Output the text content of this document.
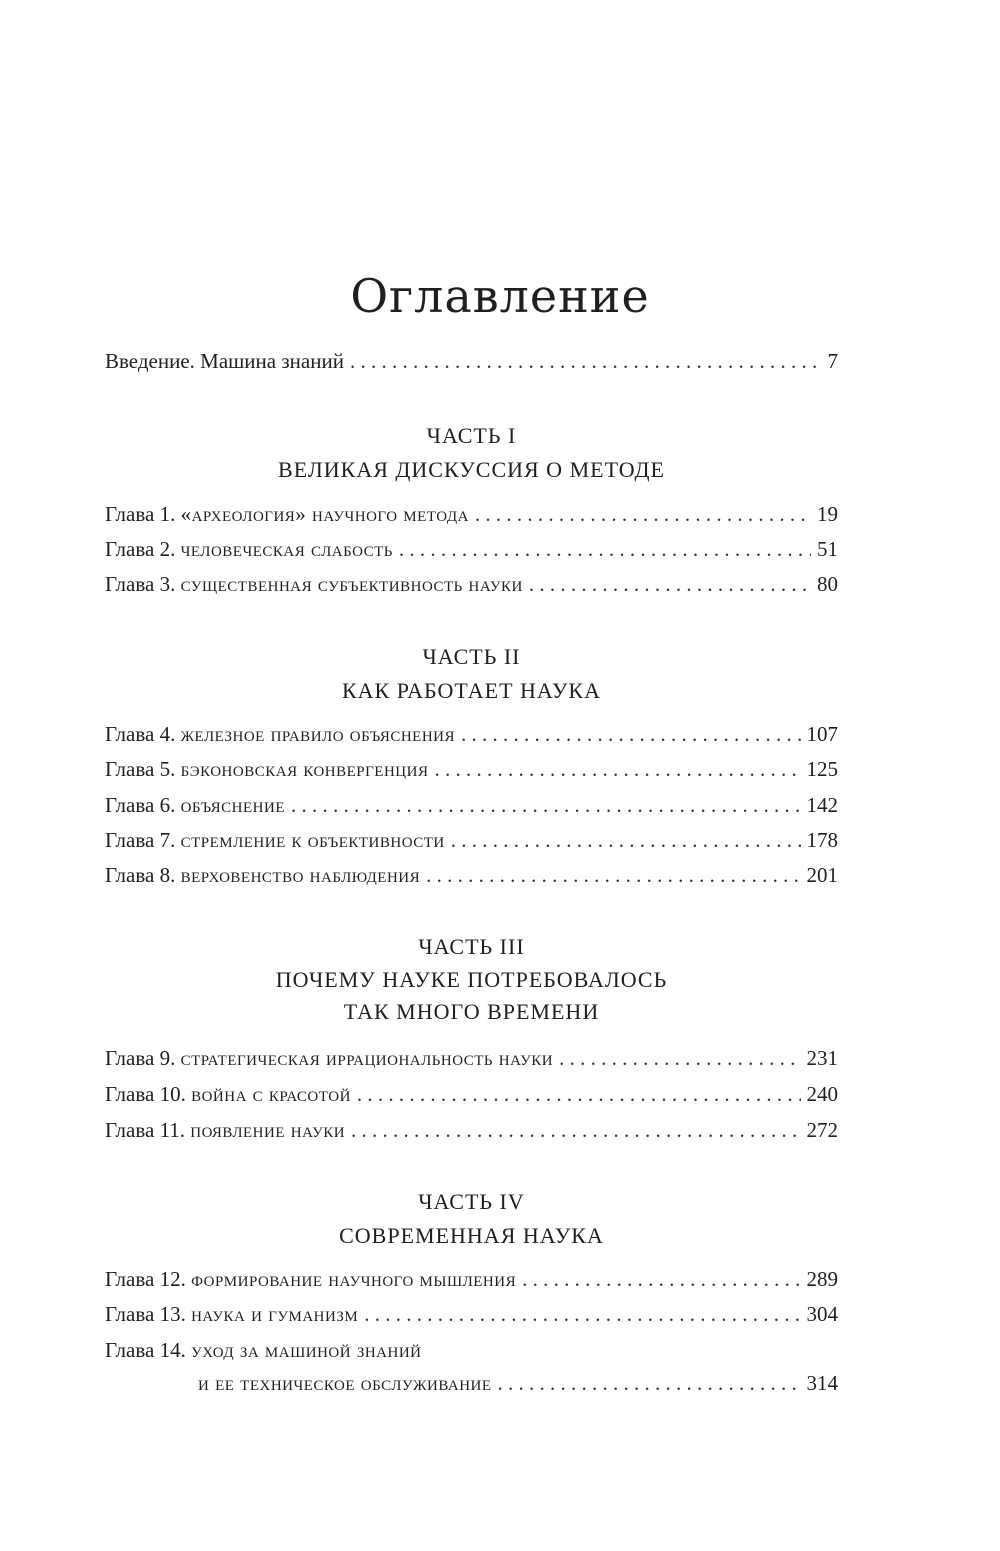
Оглавление
Введение. Машина знаний . . .	7
ЧАСТЬ I
ВЕЛИКАЯ ДИСКУССИЯ О МЕТОДЕ
Глава 1. «археология» научного метода . . .	19
Глава 2. человеческая слабость . . .	51
Глава 3. существенная субъективность науки . . .	80
ЧАСТЬ II
КАК РАБОТАЕТ НАУКА
Глава 4. железное правило объяснения . . .	107
Глава 5. бэконовская конвергенция . . .	125
Глава 6. объяснение . . .	142
Глава 7. стремление к объективности . . .	178
Глава 8. верховенство наблюдения . . .	201
ЧАСТЬ III
ПОЧЕМУ НАУКЕ ПОТРЕБОВАЛОСЬ
ТАК МНОГО ВРЕМЕНИ
Глава 9. стратегическая иррациональность науки . . .	231
Глава 10. война с красотой . . .	240
Глава 11. появление науки . . .	272
ЧАСТЬ IV
СОВРЕМЕННАЯ НАУКА
Глава 12. формирование научного мышления . . .	289
Глава 13. наука и гуманизм . . .	304
Глава 14. уход за машиной знаний
и ее техническое обслуживание . . .	314
